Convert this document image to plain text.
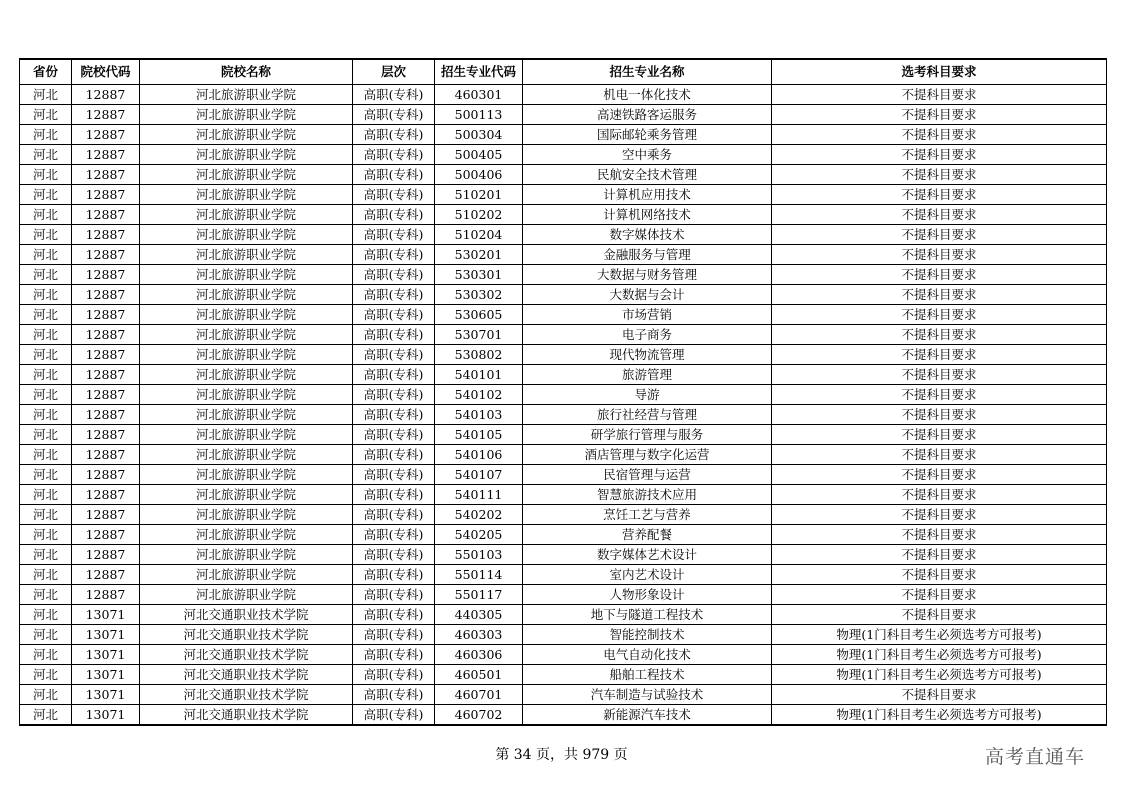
省份	院校代码	院校名称	层次	招生专业代码	招生专业名称	选考科目要求
河北	12887	河北旅游职业学院	高职(专科)	460301	机电一体化技术	不提科目要求
河北	12887	河北旅游职业学院	高职(专科)	500113	高速铁路客运服务	不提科目要求
河北	12887	河北旅游职业学院	高职(专科)	500304	国际邮轮乘务管理	不提科目要求
河北	12887	河北旅游职业学院	高职(专科)	500405	空中乘务	不提科目要求
河北	12887	河北旅游职业学院	高职(专科)	500406	民航安全技术管理	不提科目要求
河北	12887	河北旅游职业学院	高职(专科)	510201	计算机应用技术	不提科目要求
河北	12887	河北旅游职业学院	高职(专科)	510202	计算机网络技术	不提科目要求
河北	12887	河北旅游职业学院	高职(专科)	510204	数字媒体技术	不提科目要求
河北	12887	河北旅游职业学院	高职(专科)	530201	金融服务与管理	不提科目要求
河北	12887	河北旅游职业学院	高职(专科)	530301	大数据与财务管理	不提科目要求
河北	12887	河北旅游职业学院	高职(专科)	530302	大数据与会计	不提科目要求
河北	12887	河北旅游职业学院	高职(专科)	530605	市场营销	不提科目要求
河北	12887	河北旅游职业学院	高职(专科)	530701	电子商务	不提科目要求
河北	12887	河北旅游职业学院	高职(专科)	530802	现代物流管理	不提科目要求
河北	12887	河北旅游职业学院	高职(专科)	540101	旅游管理	不提科目要求
河北	12887	河北旅游职业学院	高职(专科)	540102	导游	不提科目要求
河北	12887	河北旅游职业学院	高职(专科)	540103	旅行社经营与管理	不提科目要求
河北	12887	河北旅游职业学院	高职(专科)	540105	研学旅行管理与服务	不提科目要求
河北	12887	河北旅游职业学院	高职(专科)	540106	酒店管理与数字化运营	不提科目要求
河北	12887	河北旅游职业学院	高职(专科)	540107	民宿管理与运营	不提科目要求
河北	12887	河北旅游职业学院	高职(专科)	540111	智慧旅游技术应用	不提科目要求
河北	12887	河北旅游职业学院	高职(专科)	540202	烹饪工艺与营养	不提科目要求
河北	12887	河北旅游职业学院	高职(专科)	540205	营养配餐	不提科目要求
河北	12887	河北旅游职业学院	高职(专科)	550103	数字媒体艺术设计	不提科目要求
河北	12887	河北旅游职业学院	高职(专科)	550114	室内艺术设计	不提科目要求
河北	12887	河北旅游职业学院	高职(专科)	550117	人物形象设计	不提科目要求
河北	13071	河北交通职业技术学院	高职(专科)	440305	地下与隧道工程技术	不提科目要求
河北	13071	河北交通职业技术学院	高职(专科)	460303	智能控制技术	物理(1门科目考生必须选考方可报考)
河北	13071	河北交通职业技术学院	高职(专科)	460306	电气自动化技术	物理(1门科目考生必须选考方可报考)
河北	13071	河北交通职业技术学院	高职(专科)	460501	船舶工程技术	物理(1门科目考生必须选考方可报考)
河北	13071	河北交通职业技术学院	高职(专科)	460701	汽车制造与试验技术	不提科目要求
河北	13071	河北交通职业技术学院	高职(专科)	460702	新能源汽车技术	物理(1门科目考生必须选考方可报考)
第 34 页，共 979 页	高考直通车
